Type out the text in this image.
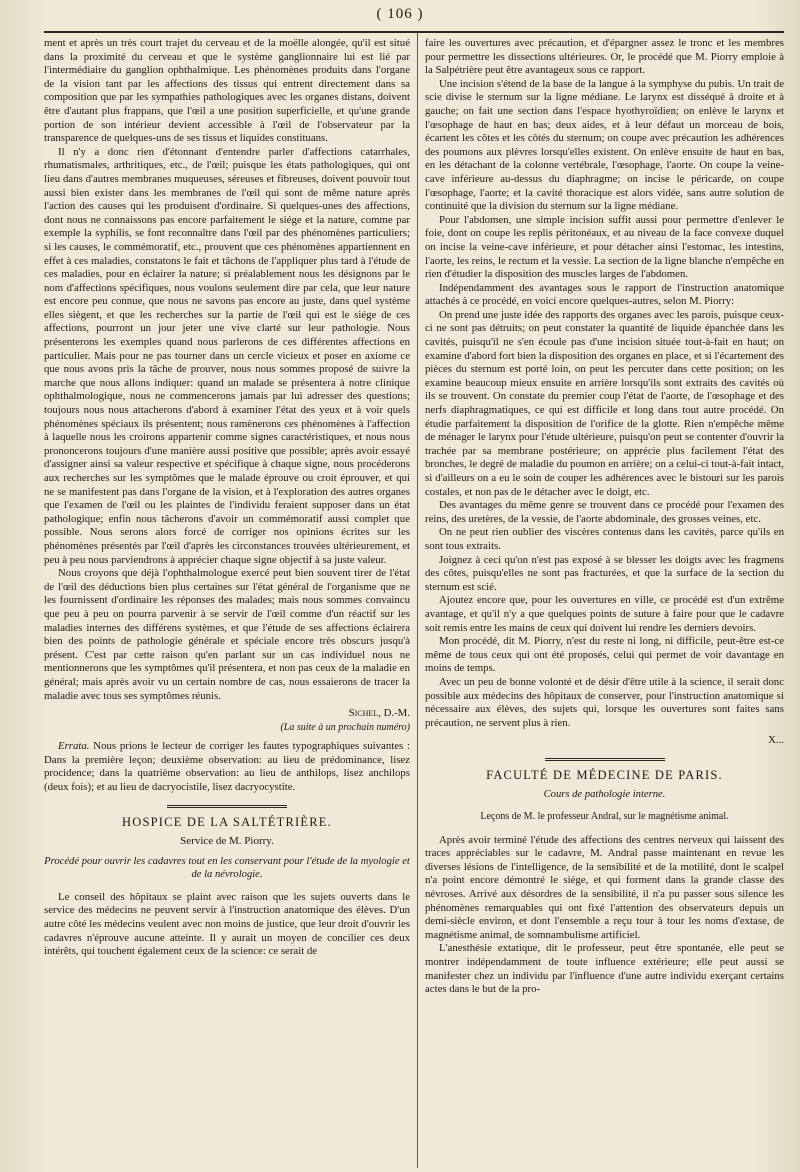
( 106 )

ment et après un très court trajet du cerveau et de la moëlle alongée, qu'il est situé dans la proximité du cerveau et que le système ganglionnaire lui est lié par l'intermédiaire du ganglion ophthalmique. Les phénomènes produits dans l'organe de la vision tant par les affections des tissus qui entrent directement dans sa composition que par les sympathies pathologiques avec les organes distans, doivent être d'autant plus frappans, que l'œil a une position superficielle, et qu'une grande portion de son intérieur devient accessible à l'œil de l'observateur par la transparence de quelques-uns de ses tissus et liquides constituans.

Il n'y a donc rien d'étonnant d'entendre parler d'affections catarrhales, rhumatismales, arthritiques, etc., de l'œil; puisque les états pathologiques, qui ont lieu dans d'autres membranes muqueuses, séreuses et fibreuses, doivent pouvoir tout aussi bien exister dans les membranes de l'œil qui sont de même nature après l'action des causes qui les produisent d'ordinaire. Si quelques-unes des affections, dont nous ne connaissons pas encore parfaitement le siége et la nature, comme par exemple la syphilis, se font reconnaître dans l'œil par des phénomènes particuliers; si les causes, le commémoratif, etc., prouvent que ces phénomènes appartiennent en effet à ces maladies, constatons le fait et tâchons de l'appliquer plus tard à l'étude de ces maladies, pour en éclairer la nature; si préalablement nous les désignons par le nom d'affections spécifiques, nous voulons seulement dire par cela, que leur nature est encore peu connue, que nous ne savons pas encore au juste, dans quel système elles siègent, et que les recherches sur la partie de l'œil qui est le siége de ces affections, pourront un jour jeter une vive clarté sur leur pathologie. Nous présenterons les exemples quand nous parlerons de ces différentes affections en particulier. Mais pour ne pas tourner dans un cercle vicieux et poser en axiome ce que nous avons pris la tâche de prouver, nous nous sommes proposé de suivre la marche que nous allons indiquer: quand un malade se présentera à notre clinique ophthalmologique, nous ne commencerons jamais par lui adresser des questions; toujours nous nous attacherons d'abord à examiner l'état des yeux et à voir quels phénomènes spéciaux ils présentent; nous ramènerons ces phénomènes à l'affection à laquelle nous les croirons appartenir comme signes caractéristiques, et nous nous prononcerons toujours d'une manière aussi positive que possible; après avoir essayé d'assigner ainsi sa valeur respective et spécifique à chaque signe, nous procéderons aux recherches sur les symptômes que le malade éprouve ou croit éprouver, et qui ne se manifestent pas dans l'organe de la vision, et à l'exploration des autres organes que l'examen de l'œil ou les plaintes de l'individu feraient supposer dans un état pathologique; enfin nous tâcherons d'avoir un commémoratif aussi complet que possible. Nous serons alors forcé de corriger nos opinions écrites sur les phénomènes présentés par l'œil d'après les circonstances trouvées ultérieurement, et peu à peu nous parviendrons à apprécier chaque signe objectif à sa juste valeur.

Nous croyons que déjà l'ophthalmologue exercé peut bien souvent tirer de l'état de l'œil des déductions bien plus certaines sur l'état général de l'organisme que ne les fournissent d'ordinaire les réponses des malades; mais nous sommes convaincu que peu à peu on pourra parvenir à se servir de l'œil comme d'un réactif sur les maladies internes des différens systèmes, et que l'étude de ses affections éclairera bien des points de pathologie générale et spéciale encore très obscurs jusqu'à présent. C'est par cette raison qu'en parlant sur un cas individuel nous ne mentionnerons que les symptômes qu'il présentera, et non pas ceux de la maladie en général; mais après avoir vu un certain nombre de cas, nous essaierons de tracer la maladie avec tous ses symptômes réunis.

Sichel, D.-M.
(La suite à un prochain numéro)

Errata. Nous prions le lecteur de corriger les fautes typographiques suivantes : Dans la première leçon; deuxième observation: au lieu de prédominance, lisez procidence; dans la quatrième observation: au lieu de anthilops, lisez anchilops (deux fois); et au lieu de dacryocistile, lisez dacryocystite.

HOSPICE DE LA SALTÉTRIÈRE.
Service de M. Piorry.
Procédé pour ouvrir les cadavres tout en les conservant pour l'étude de la myologie et de la névrologie.

Le conseil des hôpitaux se plaint avec raison que les sujets ouverts dans le service des médecins ne peuvent servir à l'instruction anatomique des élèves. D'un autre côté les médecins veulent avec non moins de justice, que leur droit d'ouvrir les cadavres n'éprouve aucune atteinte. Il y aurait un moyen de concilier ces deux intérêts, qui touchent également ceux de la science: ce serait de

faire les ouvertures avec précaution, et d'épargner assez le tronc et les membres pour permettre les dissections ultérieures. Or, le procédé que M. Piorry emploie à la Salpétrière peut être avantageux sous ce rapport.

Une incision s'étend de la base de la langue à la symphyse du pubis. Un trait de scie divise le sternum sur la ligne médiane. Le larynx est disséqué à droite et à gauche; on fait une section dans l'espace hyothyroïdien; on enlève le larynx et l'œsophage de haut en bas; deux aides, et à leur défaut un morceau de bois, écartent les côtes et les côtés du sternum; on coupe avec précaution les adhérences des poumons aux plèvres lorsqu'elles existent. On enlève ensuite de haut en bas, en les détachant de la colonne vertébrale, l'œsophage, l'aorte. On coupe la veine-cave inférieure au-dessus du diaphragme; on incise le péricarde, on coupe l'œsophage, l'aorte; et la cavité thoracique est alors vidée, sans autre solution de continuité que la division du sternum sur la ligne médiane.

Pour l'abdomen, une simple incision suffit aussi pour permettre d'enlever le foie, dont on coupe les replis péritonéaux, et au niveau de la face convexe duquel on incise la veine-cave inférieure, et pour détacher ainsi l'estomac, les intestins, l'aorte, les reins, le rectum et la vessie. La section de la ligne blanche n'empêche en rien d'étudier la disposition des muscles larges de l'abdomen.

Indépendamment des avantages sous le rapport de l'instruction anatomique attachés à ce procédé, en voici encore quelques-autres, selon M. Piorry:

On prend une juste idée des rapports des organes avec les parois, puisque ceux-ci ne sont pas détruits; on peut constater la quantité de liquide épanchée dans les cavités, puisqu'il ne s'en écoule pas d'une incision située tout-à-fait en haut; on examine d'abord fort bien la disposition des organes en place, et si l'écartement des pièces du sternum est porté loin, on peut les percuter dans cette position; on les examine beaucoup mieux ensuite en arrière lorsqu'ils sont extraits des cavités où ils se trouvent. On constate du premier coup l'état de l'aorte, de l'œsophage et des nerfs diaphragmatiques, ce qui est difficile et long dans tout autre procédé. On étudie parfaitement la disposition de l'orifice de la glotte. Rien n'empêche même de ménager le larynx pour l'étude ultérieure, puisqu'on peut se contenter d'ouvrir la trachée par sa membrane postérieure; on apprécie plus facilement l'état des bronches, le degré de maladie du poumon en arrière; on a celui-ci tout-à-fait intact, si d'ailleurs on a eu le soin de couper les adhérences avec le bistouri sur les parois costales, et non pas de le détacher avec le doigt, etc.

Des avantages du même genre se trouvent dans ce procédé pour l'examen des reins, des uretères, de la vessie, de l'aorte abdominale, des grosses veines, etc.

On ne peut rien oublier des viscères contenus dans les cavités, parce qu'ils en sont tous extraits.

Joignez à ceci qu'on n'est pas exposé à se blesser les doigts avec les fragmens des côtes, puisqu'elles ne sont pas fracturées, et que la surface de la section du sternum est scié.

Ajoutez encore que, pour les ouvertures en ville, ce procédé est d'un extrême avantage, et qu'il n'y a que quelques points de suture à faire pour que le cadavre soit remis entre les mains de ceux qui doivent lui rendre les derniers devoirs.

Mon procédé, dit M. Piorry, n'est du reste ni long, ni difficile, peut-être est-ce même de tous ceux qui ont été proposés, celui qui permet de voir davantage en moins de temps.

Avec un peu de bonne volonté et de désir d'être utile à la science, il serait donc possible aux médecins des hôpitaux de conserver, pour l'instruction anatomique si nécessaire aux élèves, des sujets qui, lorsque les ouvertures sont faites sans précaution, ne servent plus à rien.

X...
FACULTÉ DE MÉDECINE DE PARIS.
Cours de pathologie interne.
Leçons de M. le professeur Andral, sur le magnétisme animal.

Après avoir terminé l'étude des affections des centres nerveux qui laissent des traces appréciables sur le cadavre, M. Andral passe maintenant en revue les diverses lésions de l'intelligence, de la sensibilité et de la motilité, dont le scalpel n'a point encore démontré le siége, et qui forment dans la grande classe des névroses. Arrivé aux désordres de la sensibilité, il n'a pu passer sous silence les phénomènes remarquables qui ont fixé l'attention des observateurs depuis un demi-siècle environ, et dont l'ensemble a reçu tour à tour les noms d'extase, de magnétisme animal, de somnambulisme artificiel.

L'anesthésie extatique, dit le professeur, peut être spontanée, elle peut se montrer indépendamment de toute influence extérieure; elle peut aussi se manifester chez un individu par l'influence d'une autre individu exerçant certains actes dans le but de la pro-
